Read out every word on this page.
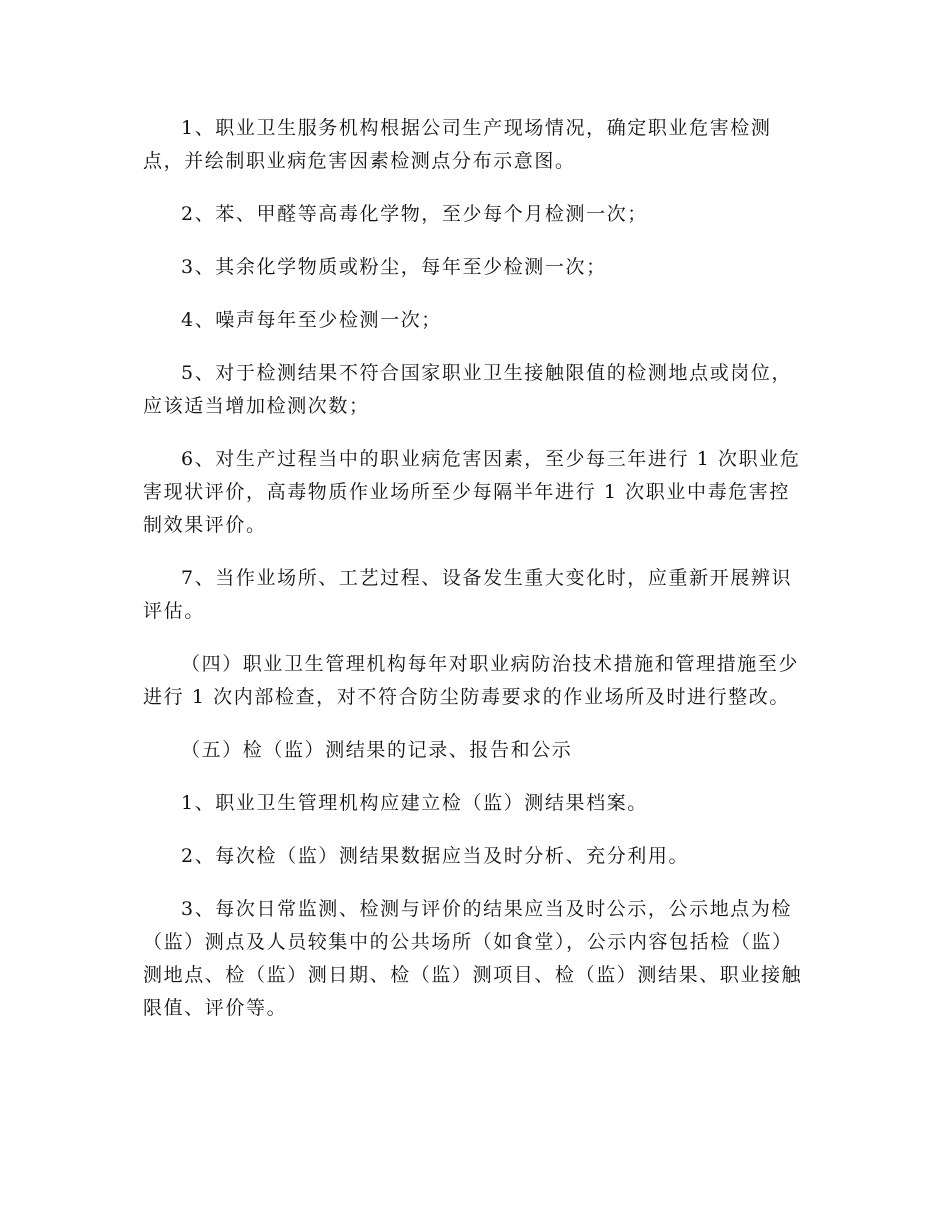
1、职业卫生服务机构根据公司生产现场情况，确定职业危害检测点，并绘制职业病危害因素检测点分布示意图。

2、苯、甲醛等高毒化学物，至少每个月检测一次；

3、其余化学物质或粉尘，每年至少检测一次；

4、噪声每年至少检测一次；

5、对于检测结果不符合国家职业卫生接触限值的检测地点或岗位，应该适当增加检测次数；

6、对生产过程当中的职业病危害因素，至少每三年进行 1 次职业危害现状评价，高毒物质作业场所至少每隔半年进行 1 次职业中毒危害控制效果评价。

7、当作业场所、工艺过程、设备发生重大变化时，应重新开展辨识评估。

（四）职业卫生管理机构每年对职业病防治技术措施和管理措施至少进行 1 次内部检查，对不符合防尘防毒要求的作业场所及时进行整改。

（五）检（监）测结果的记录、报告和公示

1、职业卫生管理机构应建立检（监）测结果档案。

2、每次检（监）测结果数据应当及时分析、充分利用。

3、每次日常监测、检测与评价的结果应当及时公示，公示地点为检（监）测点及人员较集中的公共场所（如食堂），公示内容包括检（监）测地点、检（监）测日期、检（监）测项目、检（监）测结果、职业接触限值、评价等。
